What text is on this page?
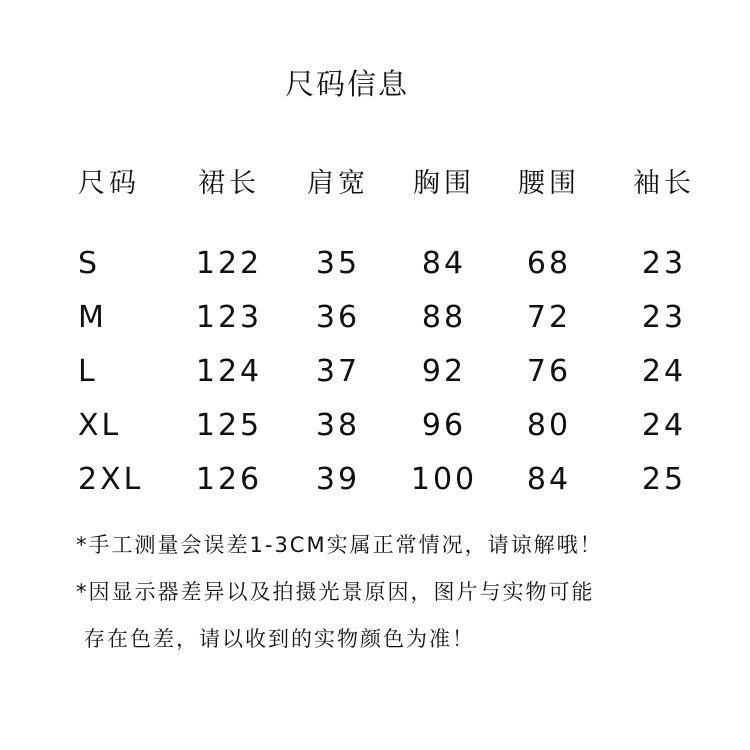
尺码信息
尺码	裙长	肩宽	胸围	腰围	袖长
S	122	35	84	68	23
M	123	36	88	72	23
L	124	37	92	76	24
XL	125	38	96	80	24
2XL	126	39	100	84	25
*手工测量会误差1-3CM实属正常情况，请谅解哦！
*因显示器差异以及拍摄光景原因，图片与实物可能
存在色差，请以收到的实物颜色为准！
